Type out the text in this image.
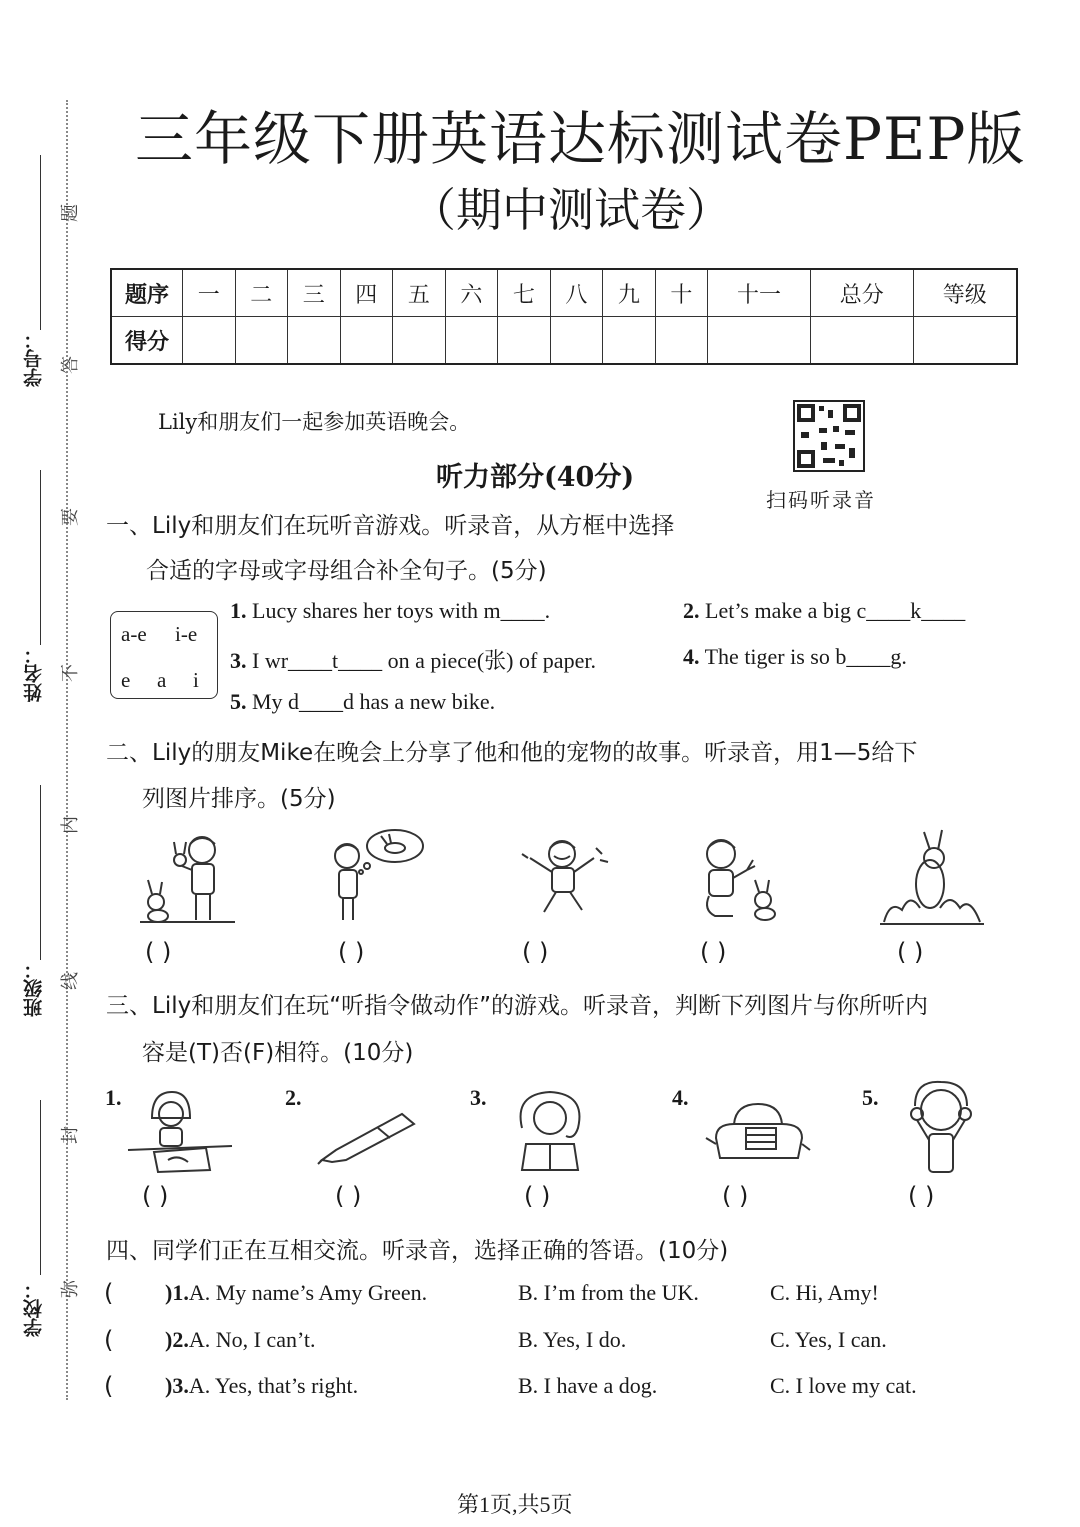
学号：
姓名：
班级：
学校：
题
答
要
不
内
线
封
弥
三年级下册英语达标测试卷PEP版
（期中测试卷）
题序	一	二	三	四	五	六	七	八	九	十	十一	总分	等级
得分													
Lily和朋友们一起参加英语晚会。
扫码听录音
听力部分(40分)
一、Lily和朋友们在玩听音游戏。听录音，从方框中选择
合适的字母或字母组合补全句子。(5分)
a-e i-e
e a i
1. Lucy shares her toys with m____.	2. Let’s make a big c____k____
3. I wr____t____ on a piece(张) of paper.	4. The tiger is so b____g.
5. My d____d has a new bike.
二、Lily的朋友Mike在晚会上分享了他和他的宠物的故事。听录音，用1—5给下
列图片排序。(5分)
( )	( )	( )	( )	( )
三、Lily和朋友们在玩“听指令做动作”的游戏。听录音，判断下列图片与你所听内
容是(T)否(F)相符。(10分)
1.	2.	3.	4.	5.
( )	( )	( )	( )	( )
四、同学们正在互相交流。听录音，选择正确的答语。(10分)
( )1.A. My name’s Amy Green.	B. I’m from the UK.	C. Hi, Amy!
( )2.A. No, I can’t.	B. Yes, I do.	C. Yes, I can.
( )3.A. Yes, that’s right.	B. I have a dog.	C. I love my cat.
第1页,共5页
